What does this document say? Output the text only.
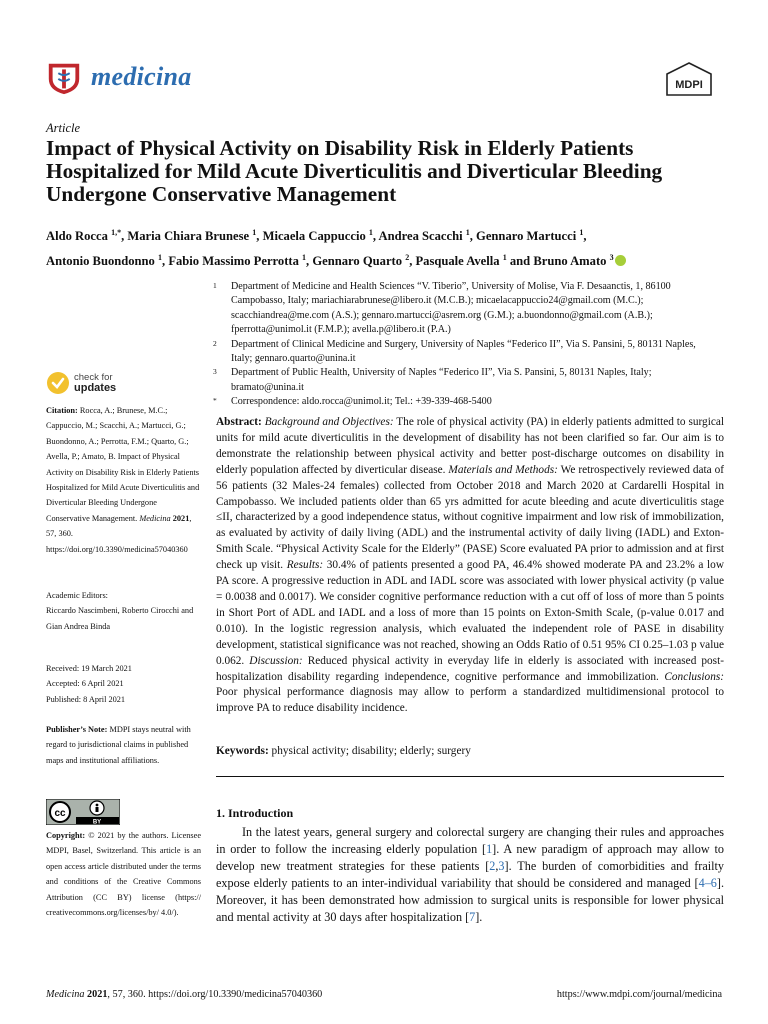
medicina	MDPI
Article
Impact of Physical Activity on Disability Risk in Elderly Patients Hospitalized for Mild Acute Diverticulitis and Diverticular Bleeding Undergone Conservative Management
Aldo Rocca $^{1,*}$, Maria Chiara Brunese $^1$, Micaela Cappuccio $^1$, Andrea Scacchi $^1$, Gennaro Martucci $^1$,
Antonio Buondonno $^1$, Fabio Massimo Perrotta $^1$, Gennaro Quarto $^2$, Pasquale Avella $^1$ and Bruno Amato $^3$
1	Department of Medicine and Health Sciences “V. Tiberio”, University of Molise, Via F. Desaanctis, 1, 86100 Campobasso, Italy; mariachiarabrunese@libero.it (M.C.B.); micaelacappuccio24@gmail.com (M.C.); scacchiandrea@me.com (A.S.); gennaro.martucci@asrem.org (G.M.); a.buondonno@gmail.com (A.B.); fperrotta@unimol.it (F.M.P.); avella.p@libero.it (P.A.)
2	Department of Clinical Medicine and Surgery, University of Naples “Federico II”, Via S. Pansini, 5, 80131 Naples, Italy; gennaro.quarto@unina.it
3	Department of Public Health, University of Naples “Federico II”, Via S. Pansini, 5, 80131 Naples, Italy; bramato@unina.it
*	Correspondence: aldo.rocca@unimol.it; Tel.: +39-339-468-5400
check for
updates
Citation: Rocca, A.; Brunese, M.C.; Cappuccio, M.; Scacchi, A.; Martucci, G.; Buondonno, A.; Perrotta, F.M.; Quarto, G.; Avella, P.; Amato, B. Impact of Physical Activity on Disability Risk in Elderly Patients Hospitalized for Mild Acute Diverticulitis and Diverticular Bleeding Undergone Conservative Management. Medicina 2021, 57, 360. https://doi.org/10.3390/medicina57040360
Academic Editors:
Riccardo Nascimbeni, Roberto Cirocchi and Gian Andrea Binda
Received: 19 March 2021
Accepted: 6 April 2021
Published: 8 April 2021
Publisher’s Note: MDPI stays neutral with regard to jurisdictional claims in published maps and institutional affiliations.
cc
BY
Copyright: © 2021 by the authors. Licensee MDPI, Basel, Switzerland. This article is an open access article distributed under the terms and conditions of the Creative Commons Attribution (CC BY) license (https:// creativecommons.org/licenses/by/ 4.0/).
Abstract: Background and Objectives: The role of physical activity (PA) in elderly patients admitted to surgical units for mild acute diverticulitis in the development of disability has not been clarified so far. Our aim is to demonstrate the relationship between physical activity and better post-discharge outcomes on disability in elderly population affected by diverticular disease. Materials and Methods: We retrospectively reviewed data of 56 patients (32 Males-24 females) collected from October 2018 and March 2020 at Cardarelli Hospital in Campobasso. We included patients older than 65 yrs admitted for acute bleeding and acute diverticulitis stage ≤II, characterized by a good independence status, without cognitive impairment and low risk of immobilization, as evaluated by activity of daily living (ADL) and the instrumental activity of daily living (IADL) and Exton-Smith Scale. “Physical Activity Scale for the Elderly” (PASE) Score evaluated PA prior to admission and at first check up visit. Results: 30.4% of patients presented a good PA, 46.4% showed moderate PA and 23.2% a low PA score. A progressive reduction in ADL and IADL score was associated with lower physical activity (p value = 0.0038 and 0.0017). We consider cognitive performance reduction with a cut off of loss of more than 5 points in Short Port of ADL and IADL and a loss of more than 15 points on Exton-Smith Scale, (p-value 0.017 and 0.010). In the logistic regression analysis, which evaluated the independent role of PASE in disability development, statistical significance was not reached, showing an Odds Ratio of 0.51 95% CI 0.25–1.03 p value 0.062. Discussion: Reduced physical activity in everyday life in elderly is associated with increased post-hospitalization disability regarding independence, cognitive performance and immobilization. Conclusions: Poor physical performance diagnosis may allow to perform a standardized multidimensional protocol to improve PA to reduce disability incidence.
Keywords: physical activity; disability; elderly; surgery
1. Introduction

In the latest years, general surgery and colorectal surgery are changing their rules and approaches in order to follow the increasing elderly population [1]. A new paradigm of approach may allow to develop new treatment strategies for these patients [2,3]. The burden of comorbidities and frailty expose elderly patients to an inter-individual variability that should be considered and managed [4–6]. Moreover, it has been demonstrated how admission to surgical units is responsible for lower physical and mental activity at 30 days after hospitalization [7].

Medicina 2021, 57, 360. https://doi.org/10.3390/medicina57040360	https://www.mdpi.com/journal/medicina
